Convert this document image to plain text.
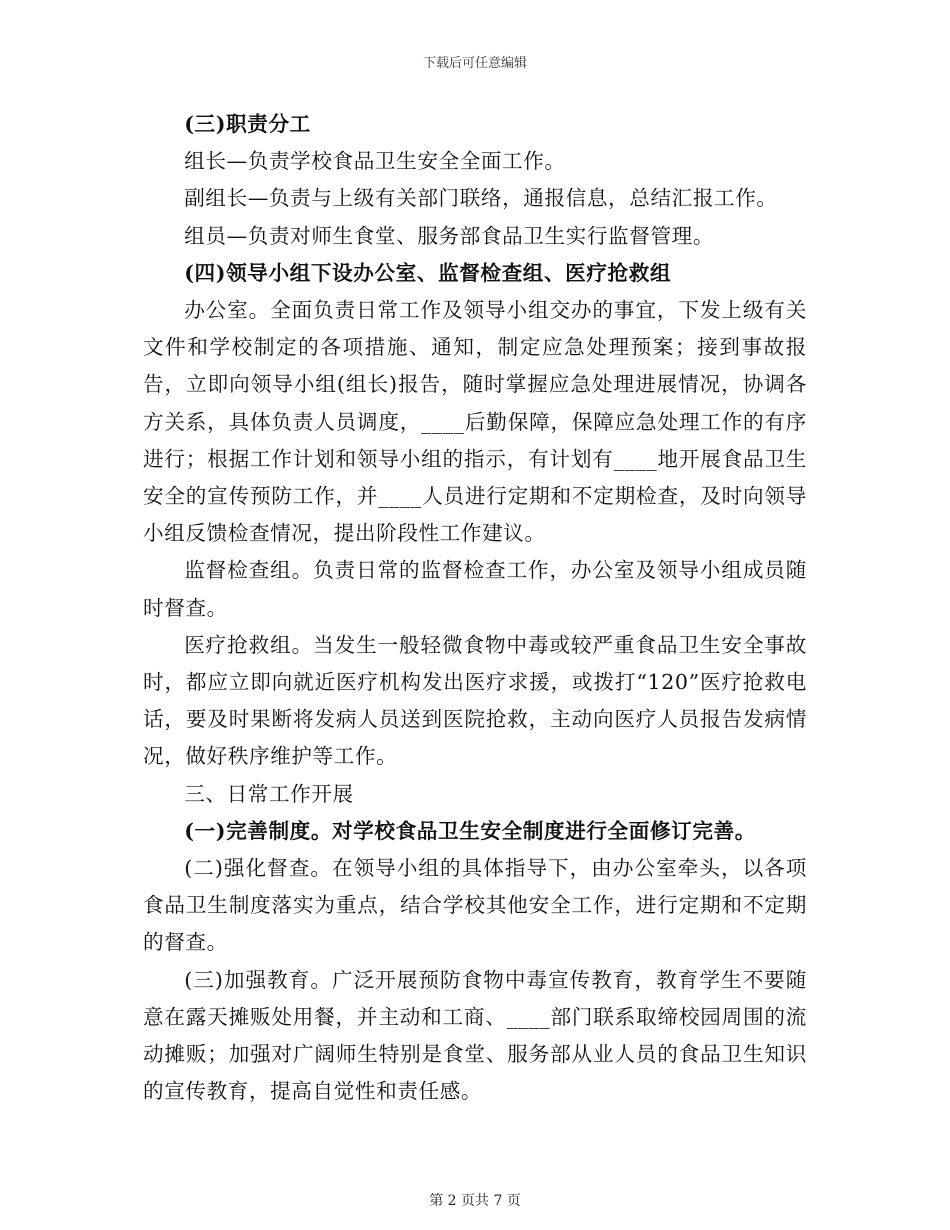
下载后可任意编辑

(三)职责分工

组长—负责学校食品卫生安全全面工作。

副组长—负责与上级有关部门联络，通报信息，总结汇报工作。

组员—负责对师生食堂、服务部食品卫生实行监督管理。

(四)领导小组下设办公室、监督检查组、医疗抢救组

办公室。全面负责日常工作及领导小组交办的事宜，下发上级有关文件和学校制定的各项措施、通知，制定应急处理预案；接到事故报告，立即向领导小组(组长)报告，随时掌握应急处理进展情况，协调各方关系，具体负责人员调度，____后勤保障，保障应急处理工作的有序进行；根据工作计划和领导小组的指示，有计划有____地开展食品卫生安全的宣传预防工作，并____人员进行定期和不定期检查，及时向领导小组反馈检查情况，提出阶段性工作建议。

监督检查组。负责日常的监督检查工作，办公室及领导小组成员随时督查。

医疗抢救组。当发生一般轻微食物中毒或较严重食品卫生安全事故时，都应立即向就近医疗机构发出医疗求援，或拨打“120”医疗抢救电话，要及时果断将发病人员送到医院抢救，主动向医疗人员报告发病情况，做好秩序维护等工作。

三、日常工作开展

(一)完善制度。对学校食品卫生安全制度进行全面修订完善。

(二)强化督查。在领导小组的具体指导下，由办公室牵头，以各项食品卫生制度落实为重点，结合学校其他安全工作，进行定期和不定期的督查。

(三)加强教育。广泛开展预防食物中毒宣传教育，教育学生不要随意在露天摊贩处用餐，并主动和工商、____部门联系取缔校园周围的流动摊贩；加强对广阔师生特别是食堂、服务部从业人员的食品卫生知识的宣传教育，提高自觉性和责任感。

第 2 页共 7 页
